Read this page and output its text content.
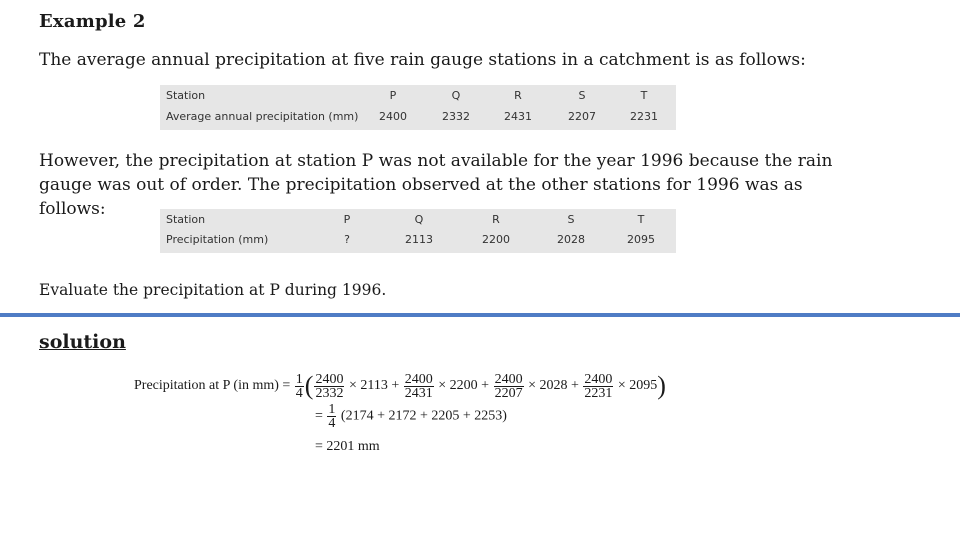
Example 2
The average annual precipitation at five rain gauge stations in a catchment is as follows:
Station	P	Q	R	S	T
Average annual precipitation (mm)	2400	2332	2431	2207	2231
However, the precipitation at station P was not available for the year 1996 because the rain gauge was out of order. The precipitation observed at the other stations for 1996 was as follows:
Station	P	Q	R	S	T
Precipitation (mm)	?	2113	2200	2028	2095
Evaluate the precipitation at P during 1996.
solution
Precipitation at P (in $mm) = \frac{1}{4}$ ( $\frac{2400}{2332} \times 2113 + \frac{2400}{2431} \times 2200 + \frac{2400}{2207} \times 2028 + \frac{2400}{2231} \times 2095$)
= $\frac{1}{4} (2174 + 2172 + 2205 + 2253)$
= 2201 mm
